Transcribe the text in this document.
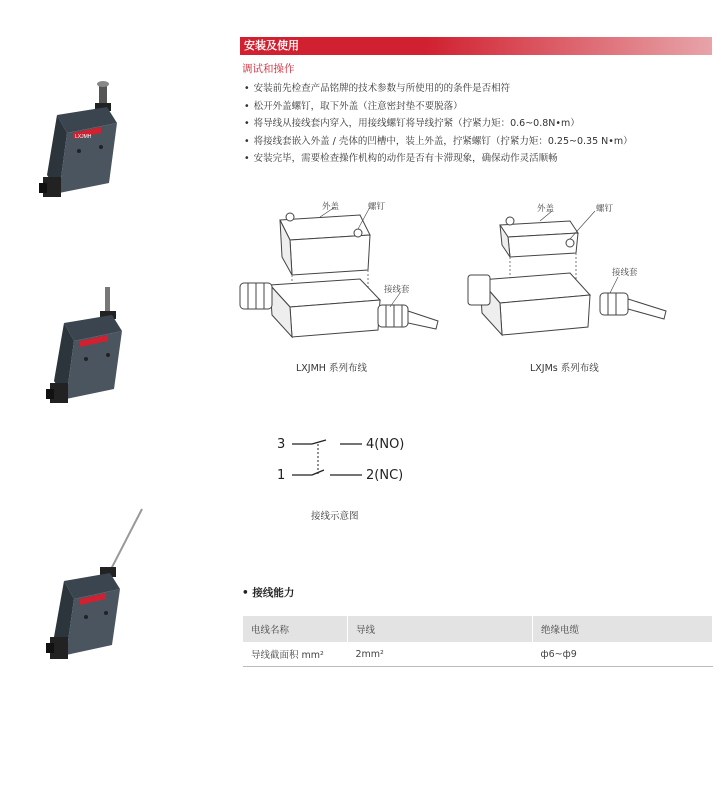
安装及使用
调试和操作
• 安装前先检查产品铭牌的技术参数与所使用的的条件是否相符
• 松开外盖螺钉，取下外盖（注意密封垫不要脱落）
• 将导线从接线套内穿入，用接线螺钉将导线拧紧（拧紧力矩：0.6~0.8N•m）
• 将接线套嵌入外盖 / 壳体的凹槽中，装上外盖，拧紧螺钉（拧紧力矩：0.25~0.35 N•m）
• 安装完毕，需要检查操作机构的动作是否有卡滞现象，确保动作灵活顺畅
LXJMH
外盖	螺钉
接线套
LXJMH 系列布线
外盖	螺钉
接线套
LXJMs 系列布线
3	4(NO)
1	2(NC)
接线示意图
• 接线能力
电线名称	导线	绝缘电缆
导线截面积 mm²	2mm²	ф6~ф9
